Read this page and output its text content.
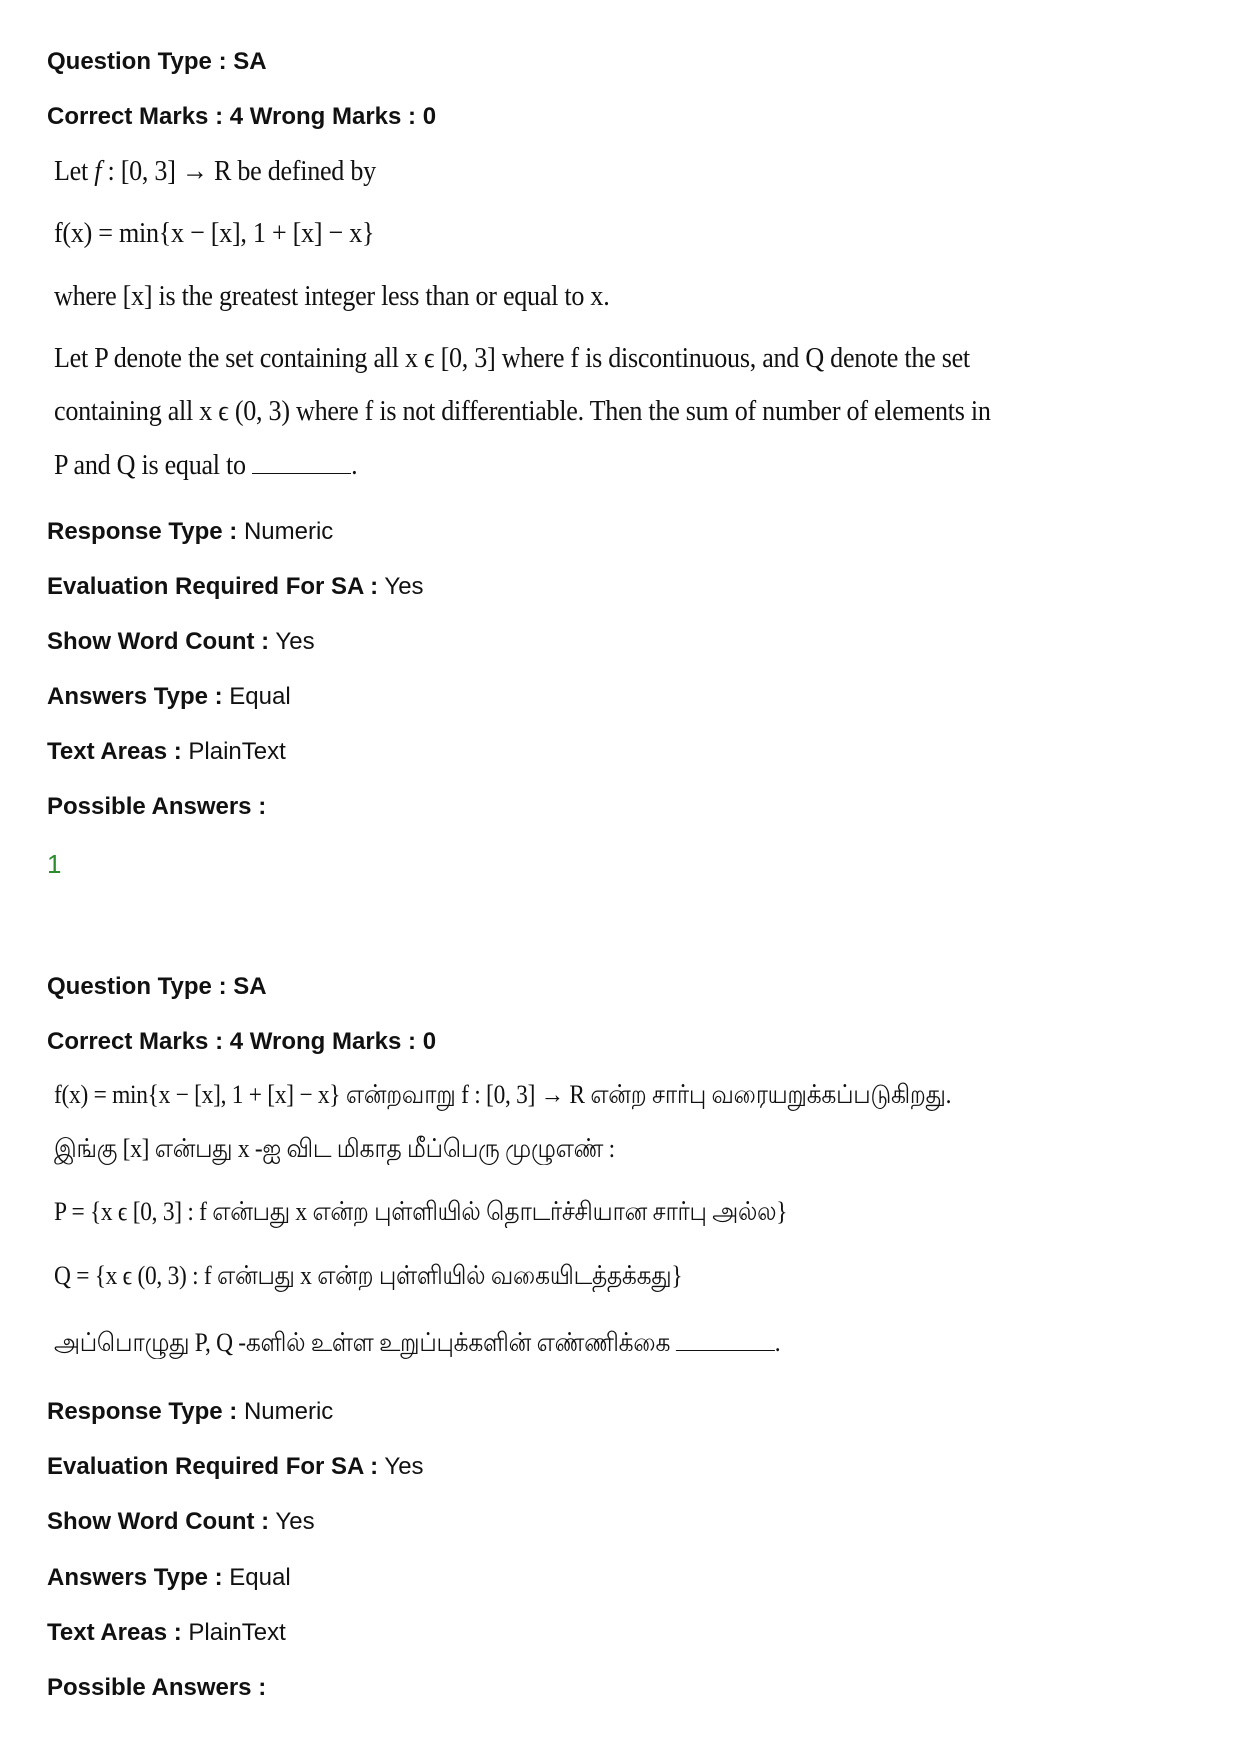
Question Type : SA
Correct Marks : 4 Wrong Marks : 0
Let f : [0, 3] → R be defined by
f(x) = min{x − [x], 1 + [x] − x}
where [x] is the greatest integer less than or equal to x.
Let P denote the set containing all x ϵ [0, 3] where f is discontinuous, and Q denote the set
containing all x ϵ (0, 3) where f is not differentiable. Then the sum of number of elements in
P and Q is equal to	.
Response Type : Numeric
Evaluation Required For SA : Yes
Show Word Count : Yes
Answers Type : Equal
Text Areas : PlainText
Possible Answers :
1
Question Type : SA
Correct Marks : 4 Wrong Marks : 0
f(x) = min{x − [x], 1 + [x] − x} என்றவாறு f : [0, 3] → R என்ற சார்பு வரையறுக்கப்படுகிறது.
இங்கு [x] என்பது x -ஐ விட மிகாத மீப்பெரு முழுஎண் :
P = {x ϵ [0, 3] : f என்பது x என்ற புள்ளியில் தொடர்ச்சியான சார்பு அல்ல}
Q = {x ϵ (0, 3) : f என்பது x என்ற புள்ளியில் வகையிடத்தக்கது}
அப்பொழுது P, Q -களில் உள்ள உறுப்புக்களின் எண்ணிக்கை	.
Response Type : Numeric
Evaluation Required For SA : Yes
Show Word Count : Yes
Answers Type : Equal
Text Areas : PlainText
Possible Answers :
